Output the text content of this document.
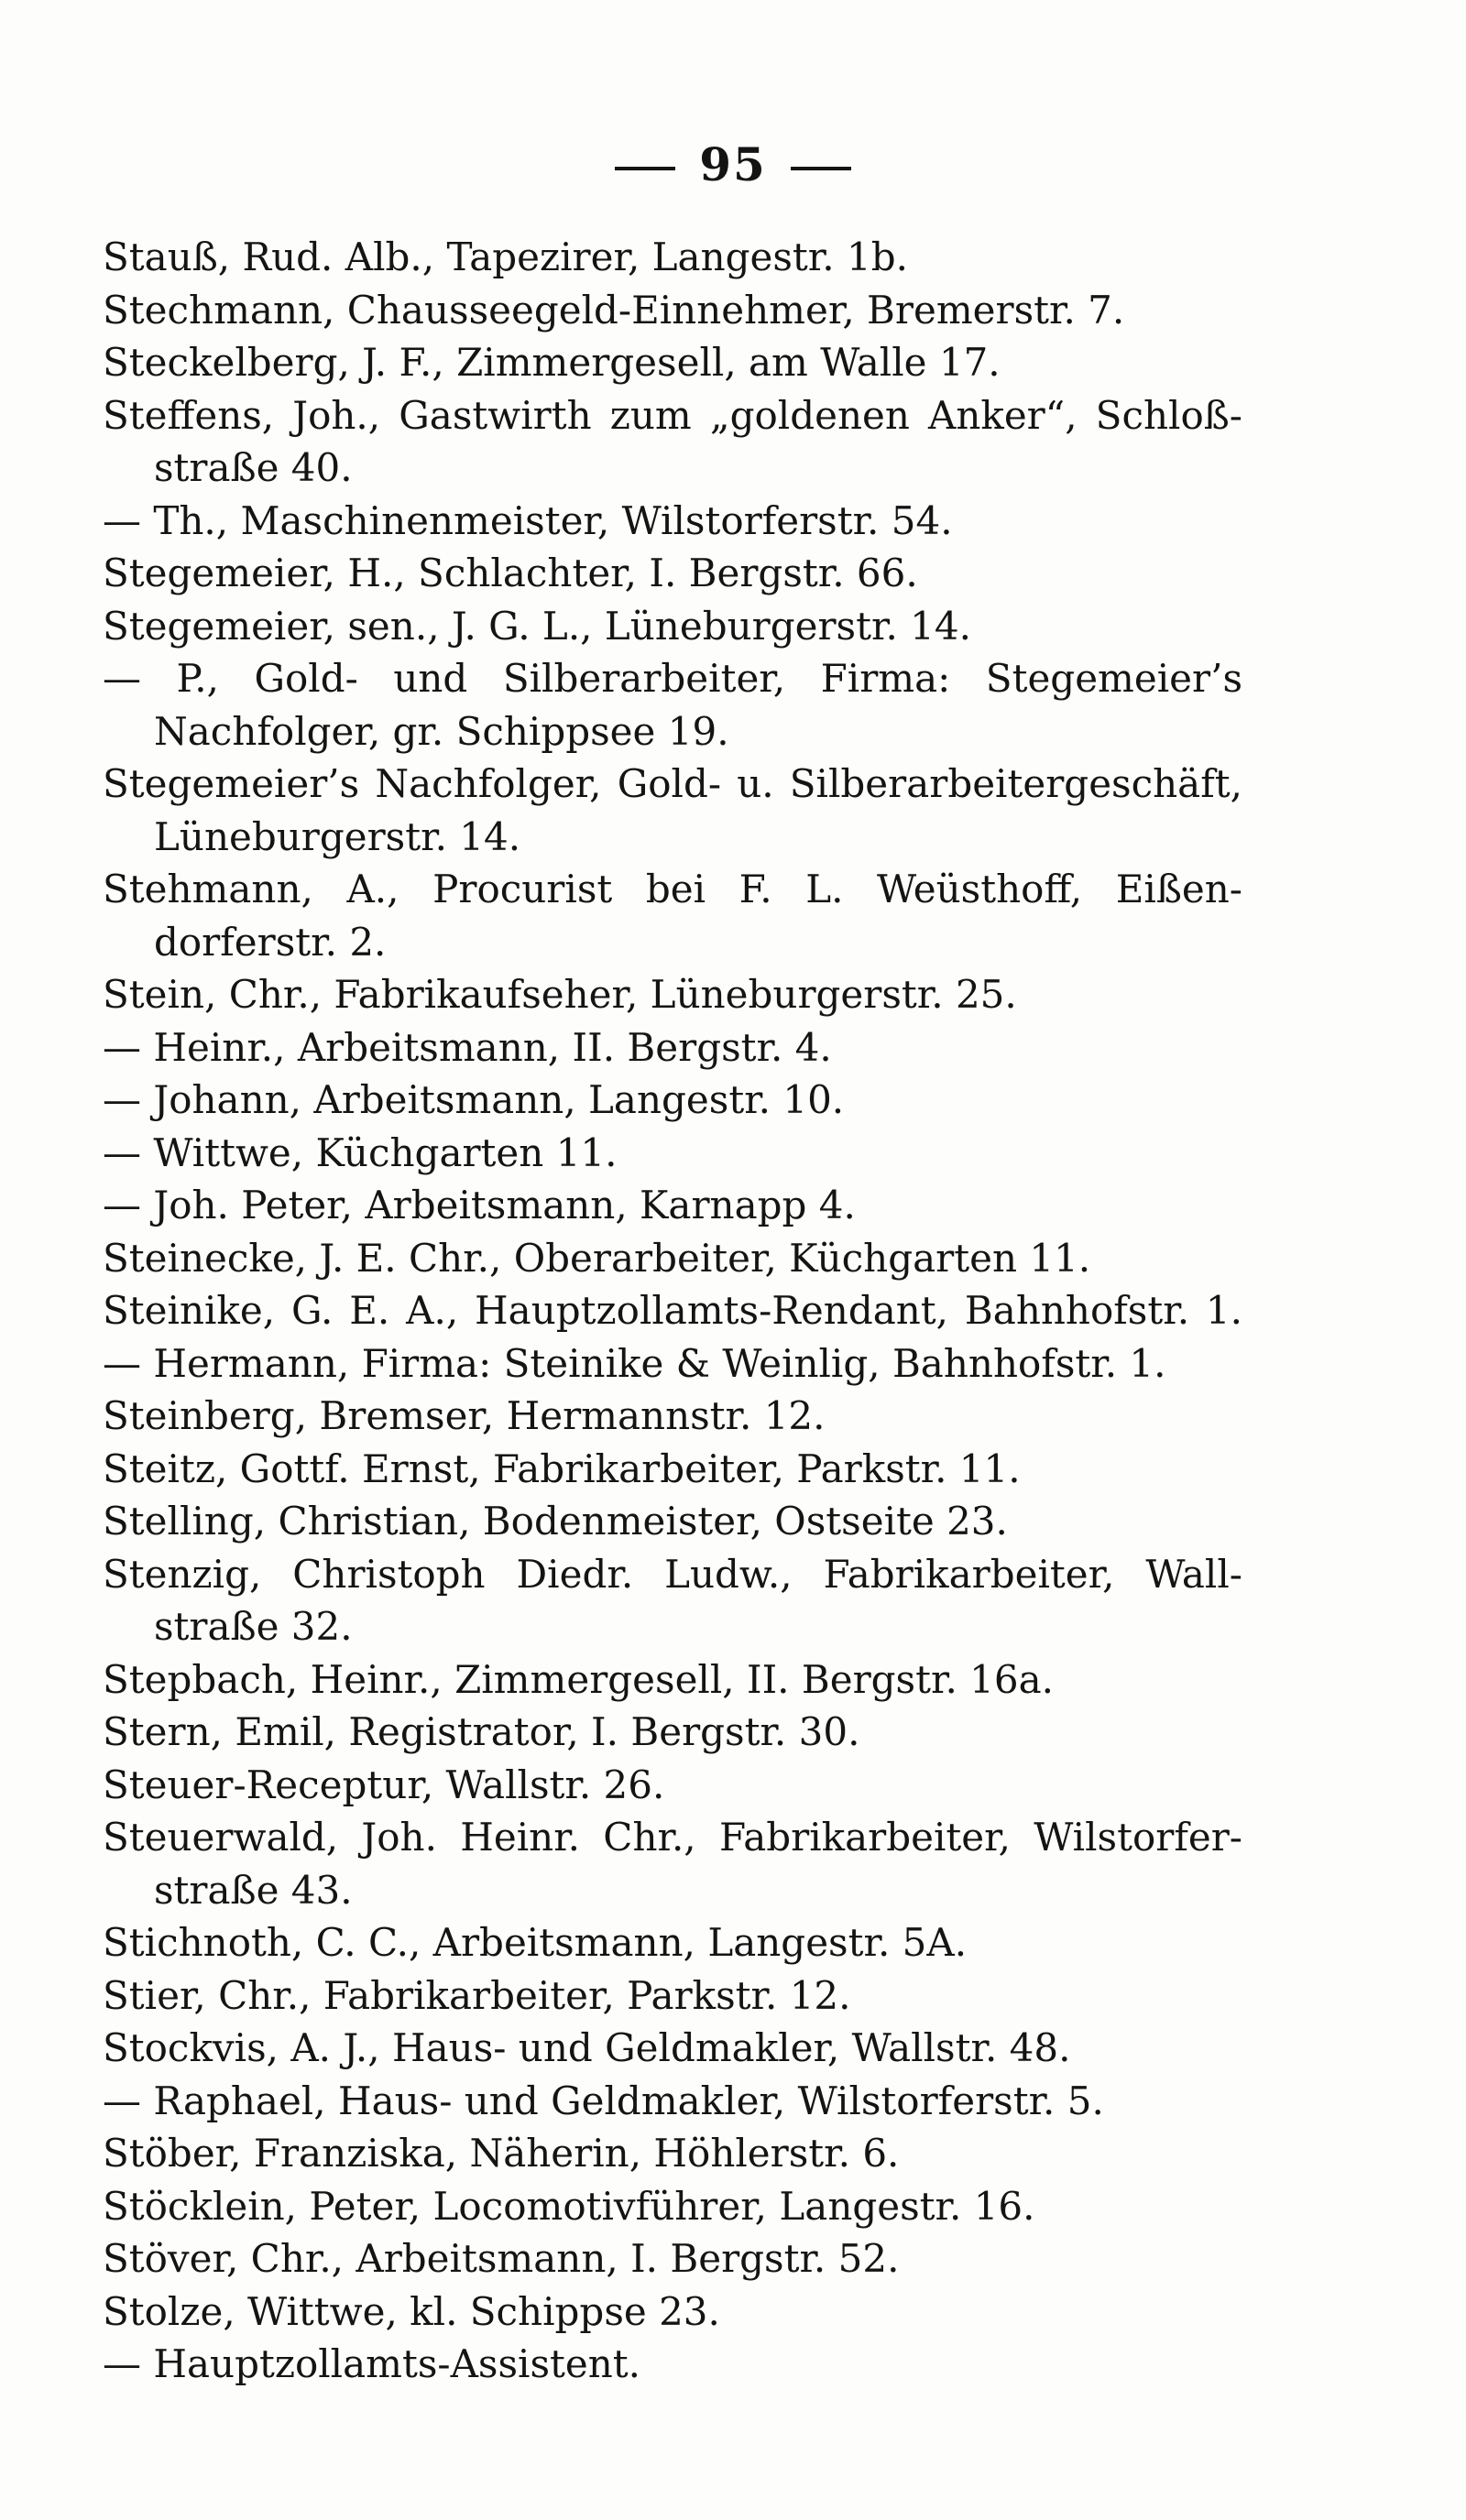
95
Stauß, Rud. Alb., Tapezirer, Langestr. 1b.
Stechmann, Chausseegeld-Einnehmer, Bremerstr. 7.
Steckelberg, J. F., Zimmergesell, am Walle 17.
Steffens, Joh., Gastwirth zum „goldenen Anker“, Schloß-
straße 40.
— Th., Maschinenmeister, Wilstorferstr. 54.
Stegemeier, H., Schlachter, I. Bergstr. 66.
Stegemeier, sen., J. G. L., Lüneburgerstr. 14.
— P., Gold- und Silberarbeiter, Firma: Stegemeier’s
Nachfolger, gr. Schippsee 19.
Stegemeier’s Nachfolger, Gold- u. Silberarbeitergeschäft,
Lüneburgerstr. 14.
Stehmann, A., Procurist bei F. L. Weüsthoff, Eißen-
dorferstr. 2.
Stein, Chr., Fabrikaufseher, Lüneburgerstr. 25.
— Heinr., Arbeitsmann, II. Bergstr. 4.
— Johann, Arbeitsmann, Langestr. 10.
— Wittwe, Küchgarten 11.
— Joh. Peter, Arbeitsmann, Karnapp 4.
Steinecke, J. E. Chr., Oberarbeiter, Küchgarten 11.
Steinike, G. E. A., Hauptzollamts-Rendant, Bahnhofstr. 1.
— Hermann, Firma: Steinike & Weinlig, Bahnhofstr. 1.
Steinberg, Bremser, Hermannstr. 12.
Steitz, Gottf. Ernst, Fabrikarbeiter, Parkstr. 11.
Stelling, Christian, Bodenmeister, Ostseite 23.
Stenzig, Christoph Diedr. Ludw., Fabrikarbeiter, Wall-
straße 32.
Stepbach, Heinr., Zimmergesell, II. Bergstr. 16a.
Stern, Emil, Registrator, I. Bergstr. 30.
Steuer-Receptur, Wallstr. 26.
Steuerwald, Joh. Heinr. Chr., Fabrikarbeiter, Wilstorfer-
straße 43.
Stichnoth, C. C., Arbeitsmann, Langestr. 5A.
Stier, Chr., Fabrikarbeiter, Parkstr. 12.
Stockvis, A. J., Haus- und Geldmakler, Wallstr. 48.
— Raphael, Haus- und Geldmakler, Wilstorferstr. 5.
Stöber, Franziska, Näherin, Höhlerstr. 6.
Stöcklein, Peter, Locomotivführer, Langestr. 16.
Stöver, Chr., Arbeitsmann, I. Bergstr. 52.
Stolze, Wittwe, kl. Schippse 23.
— Hauptzollamts-Assistent.
